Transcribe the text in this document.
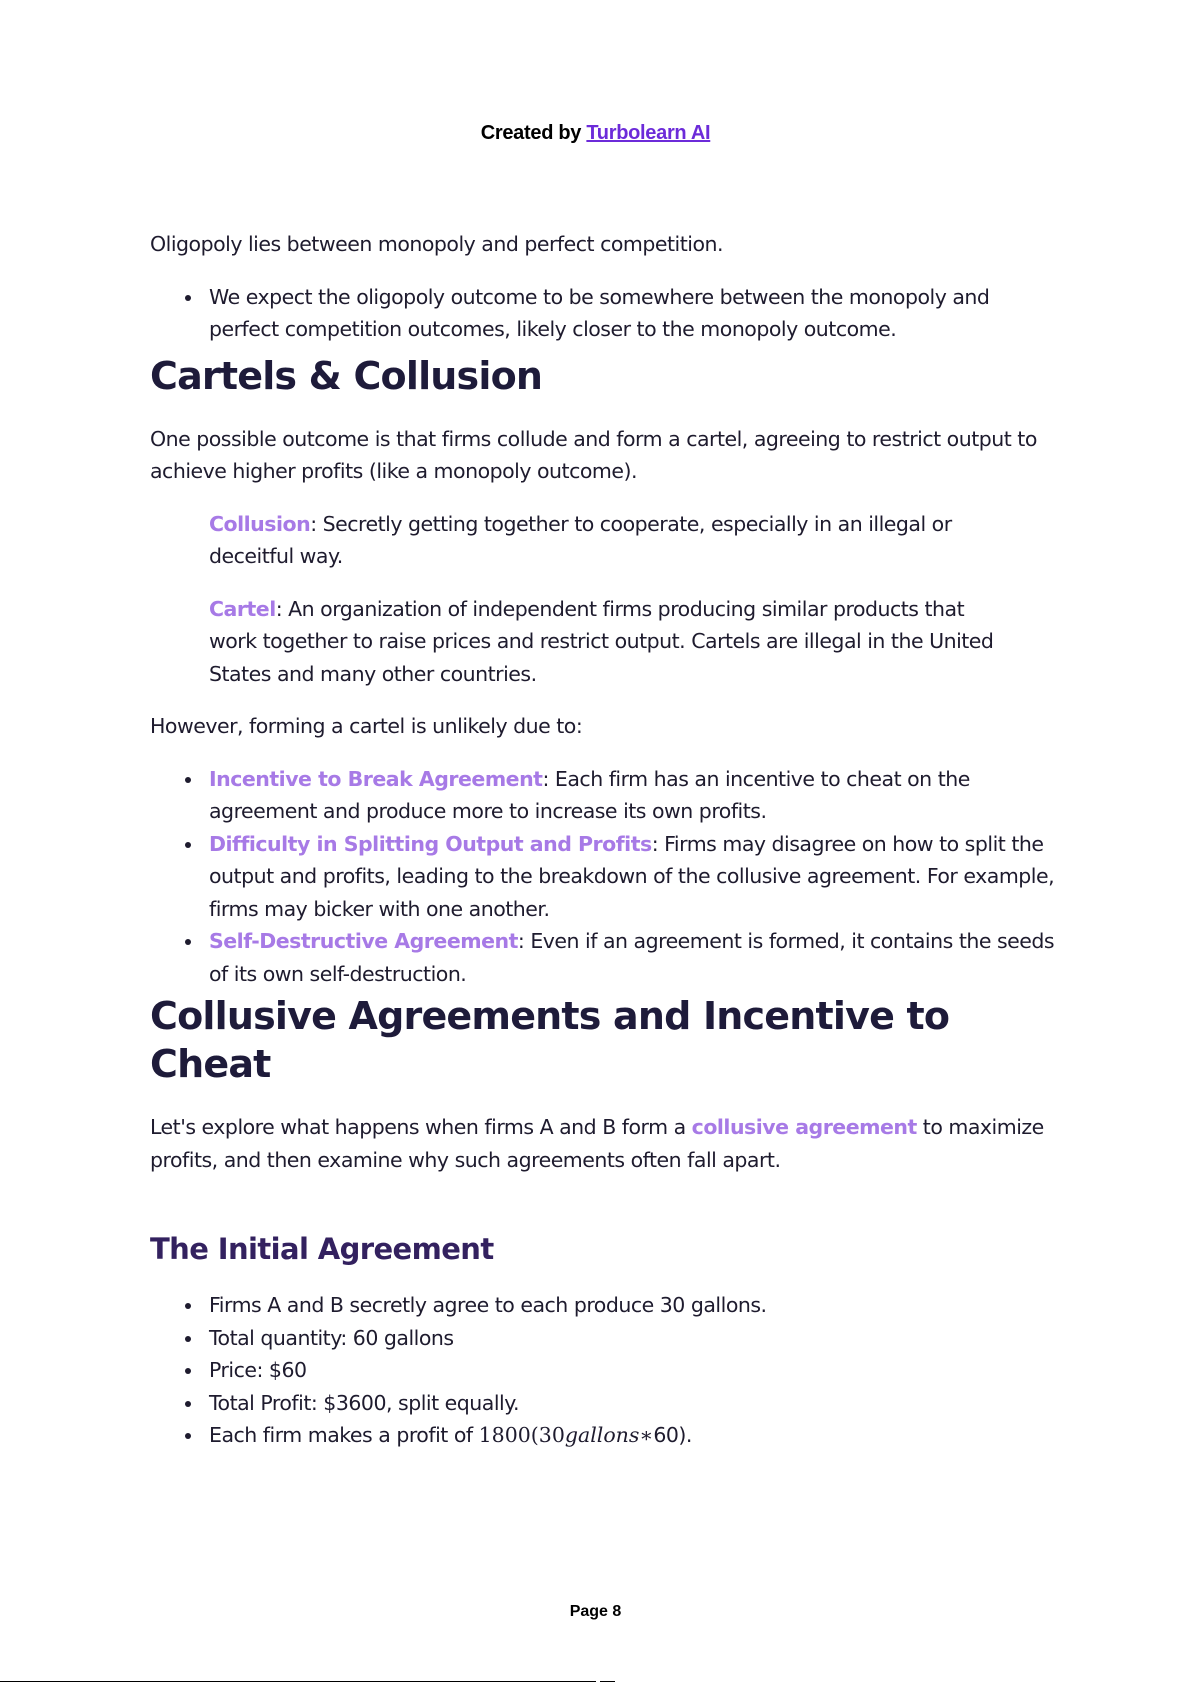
Created by Turbolearn AI

Oligopoly lies between monopoly and perfect competition.

We expect the oligopoly outcome to be somewhere between the monopoly and perfect competition outcomes, likely closer to the monopoly outcome.
Cartels & Collusion

One possible outcome is that firms collude and form a cartel, agreeing to restrict output to achieve higher profits (like a monopoly outcome).

Collusion: Secretly getting together to cooperate, especially in an illegal or deceitful way.
Cartel: An organization of independent firms producing similar products that work together to raise prices and restrict output. Cartels are illegal in the United States and many other countries.

However, forming a cartel is unlikely due to:

Incentive to Break Agreement: Each firm has an incentive to cheat on the agreement and produce more to increase its own profits.
Difficulty in Splitting Output and Profits: Firms may disagree on how to split the output and profits, leading to the breakdown of the collusive agreement. For example, firms may bicker with one another.
Self-Destructive Agreement: Even if an agreement is formed, it contains the seeds of its own self-destruction.
Collusive Agreements and Incentive to Cheat

Let's explore what happens when firms A and B form a collusive agreement to maximize profits, and then examine why such agreements often fall apart.

The Initial Agreement
Firms A and B secretly agree to each produce 30 gallons.
Total quantity: 60 gallons
Price: $60
Total Profit: $3600, split equally.
Each firm makes a profit of 1800(30gallons∗60).
Page 8
